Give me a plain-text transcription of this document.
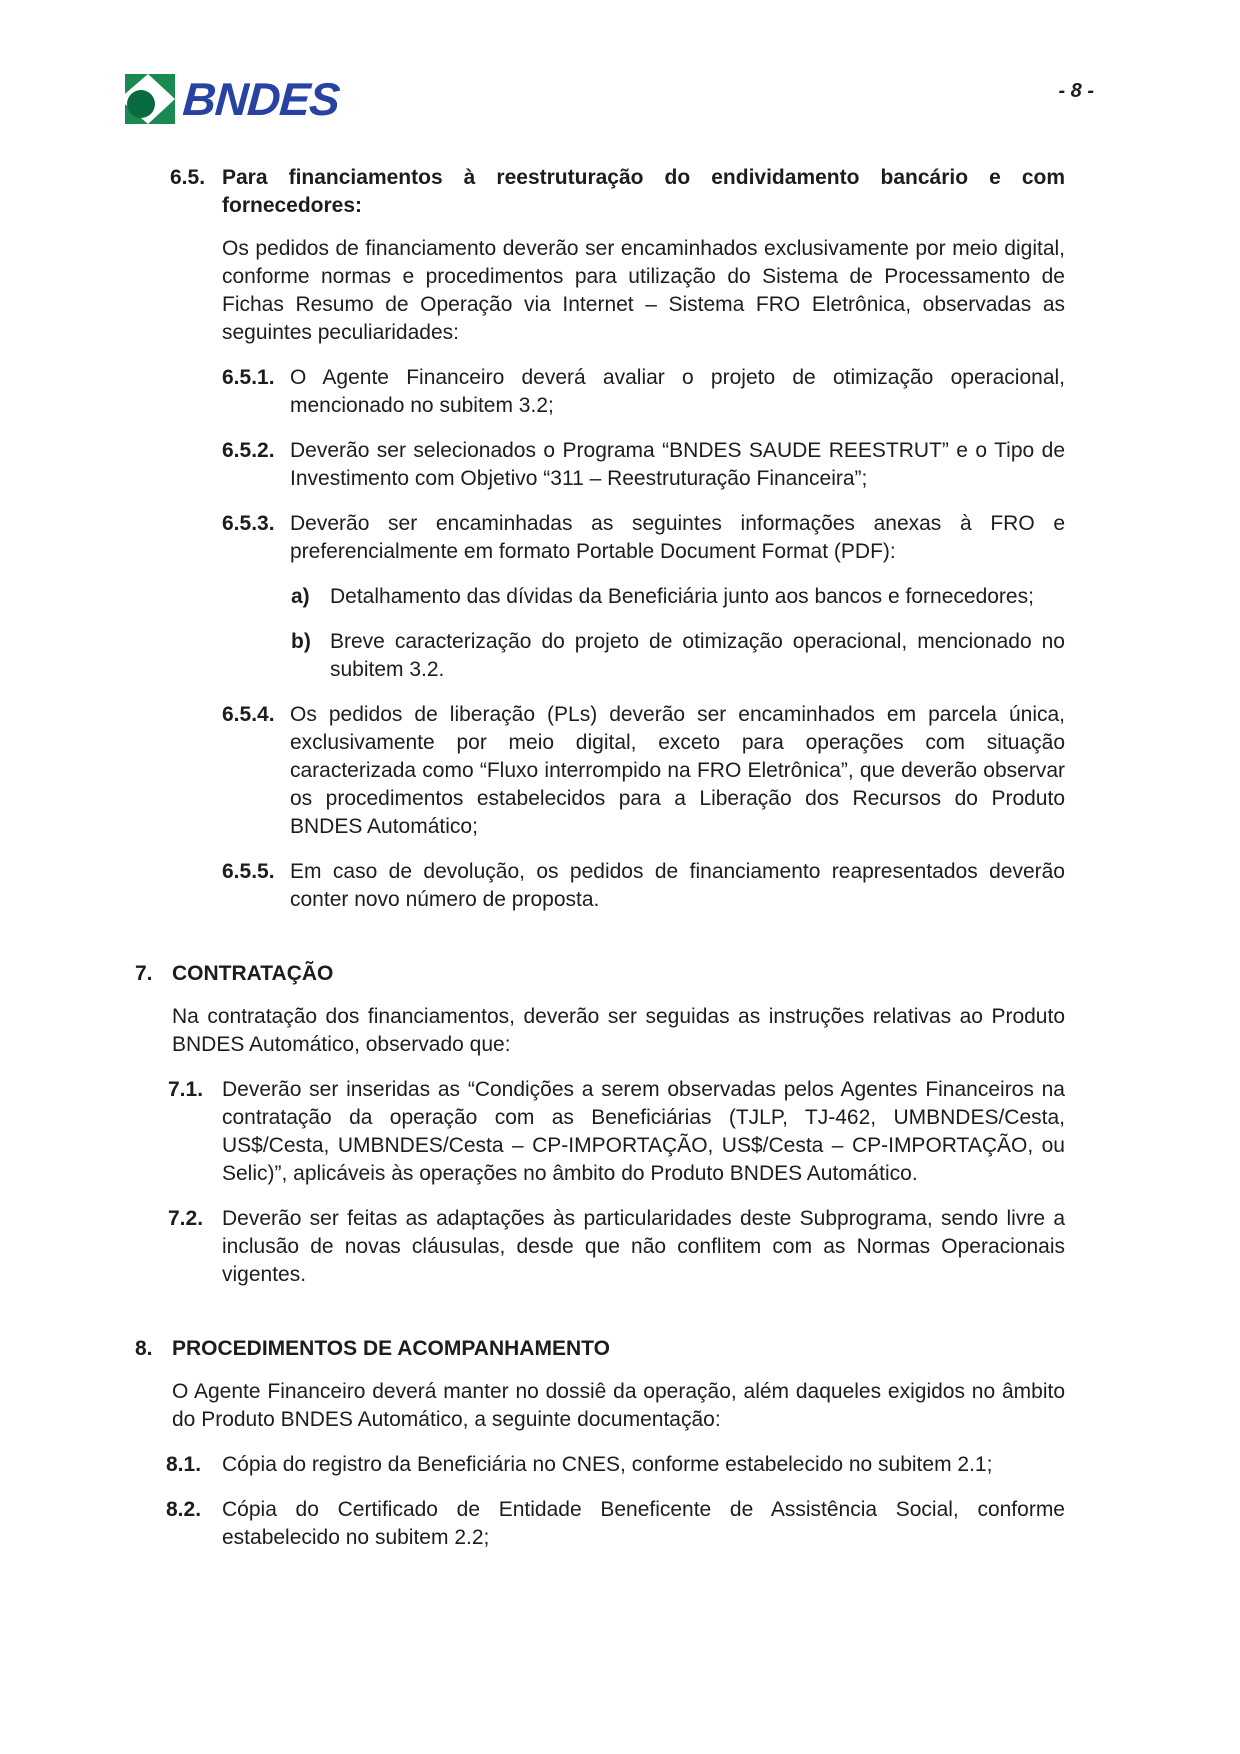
BNDES	- 8 -
6.5. Para financiamentos à reestruturação do endividamento bancário e com fornecedores:
Os pedidos de financiamento deverão ser encaminhados exclusivamente por meio digital, conforme normas e procedimentos para utilização do Sistema de Processamento de Fichas Resumo de Operação via Internet – Sistema FRO Eletrônica, observadas as seguintes peculiaridades:
6.5.1. O Agente Financeiro deverá avaliar o projeto de otimização operacional, mencionado no subitem 3.2;
6.5.2. Deverão ser selecionados o Programa “BNDES SAUDE REESTRUT” e o Tipo de Investimento com Objetivo “311 – Reestruturação Financeira”;
6.5.3. Deverão ser encaminhadas as seguintes informações anexas à FRO e preferencialmente em formato Portable Document Format (PDF):
a) Detalhamento das dívidas da Beneficiária junto aos bancos e fornecedores;
b) Breve caracterização do projeto de otimização operacional, mencionado no subitem 3.2.
6.5.4. Os pedidos de liberação (PLs) deverão ser encaminhados em parcela única, exclusivamente por meio digital, exceto para operações com situação caracterizada como “Fluxo interrompido na FRO Eletrônica”, que deverão observar os procedimentos estabelecidos para a Liberação dos Recursos do Produto BNDES Automático;
6.5.5. Em caso de devolução, os pedidos de financiamento reapresentados deverão conter novo número de proposta.
7. CONTRATAÇÃO
Na contratação dos financiamentos, deverão ser seguidas as instruções relativas ao Produto BNDES Automático, observado que:
7.1. Deverão ser inseridas as “Condições a serem observadas pelos Agentes Financeiros na contratação da operação com as Beneficiárias (TJLP, TJ-462, UMBNDES/Cesta, US$/Cesta, UMBNDES/Cesta – CP-IMPORTAÇÃO, US$/Cesta – CP-IMPORTAÇÃO, ou Selic)”, aplicáveis às operações no âmbito do Produto BNDES Automático.
7.2. Deverão ser feitas as adaptações às particularidades deste Subprograma, sendo livre a inclusão de novas cláusulas, desde que não conflitem com as Normas Operacionais vigentes.
8. PROCEDIMENTOS DE ACOMPANHAMENTO
O Agente Financeiro deverá manter no dossiê da operação, além daqueles exigidos no âmbito do Produto BNDES Automático, a seguinte documentação:
8.1. Cópia do registro da Beneficiária no CNES, conforme estabelecido no subitem 2.1;
8.2. Cópia do Certificado de Entidade Beneficente de Assistência Social, conforme estabelecido no subitem 2.2;
